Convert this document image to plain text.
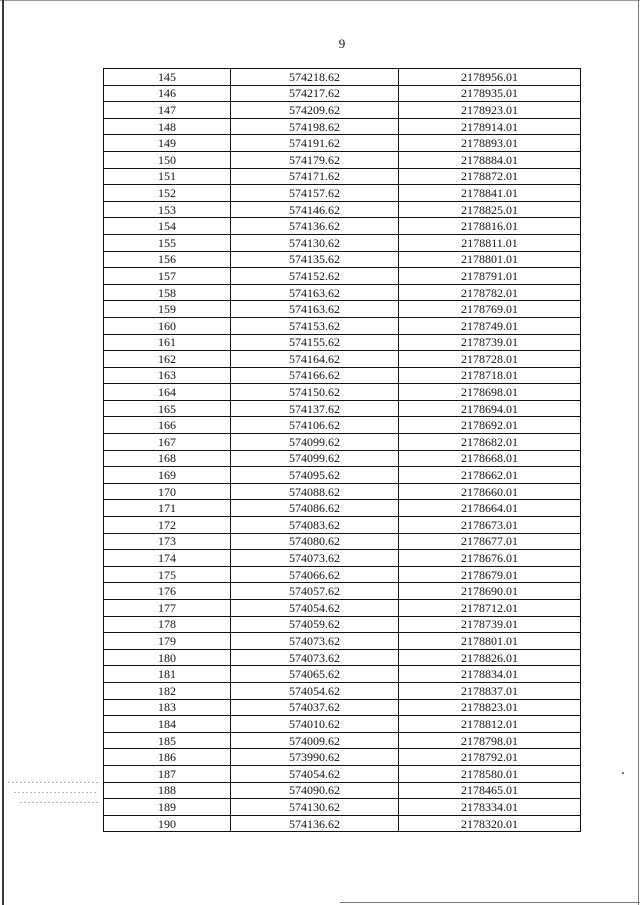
9
145	574218.62	2178956.01
146	574217.62	2178935.01
147	574209.62	2178923.01
148	574198.62	2178914.01
149	574191.62	2178893.01
150	574179.62	2178884.01
151	574171.62	2178872.01
152	574157.62	2178841.01
153	574146.62	2178825.01
154	574136.62	2178816.01
155	574130.62	2178811.01
156	574135.62	2178801.01
157	574152.62	2178791.01
158	574163.62	2178782.01
159	574163.62	2178769.01
160	574153.62	2178749.01
161	574155.62	2178739.01
162	574164.62	2178728.01
163	574166.62	2178718.01
164	574150.62	2178698.01
165	574137.62	2178694.01
166	574106.62	2178692.01
167	574099.62	2178682.01
168	574099.62	2178668.01
169	574095.62	2178662.01
170	574088.62	2178660.01
171	574086.62	2178664.01
172	574083.62	2178673.01
173	574080.62	2178677.01
174	574073.62	2178676.01
175	574066.62	2178679.01
176	574057.62	2178690.01
177	574054.62	2178712.01
178	574059.62	2178739.01
179	574073.62	2178801.01
180	574073.62	2178826.01
181	574065.62	2178834.01
182	574054.62	2178837.01
183	574037.62	2178823.01
184	574010.62	2178812.01
185	574009.62	2178798.01
186	573990.62	2178792.01
187	574054.62	2178580.01
188	574090.62	2178465.01
189	574130.62	2178334.01
190	574136.62	2178320.01
